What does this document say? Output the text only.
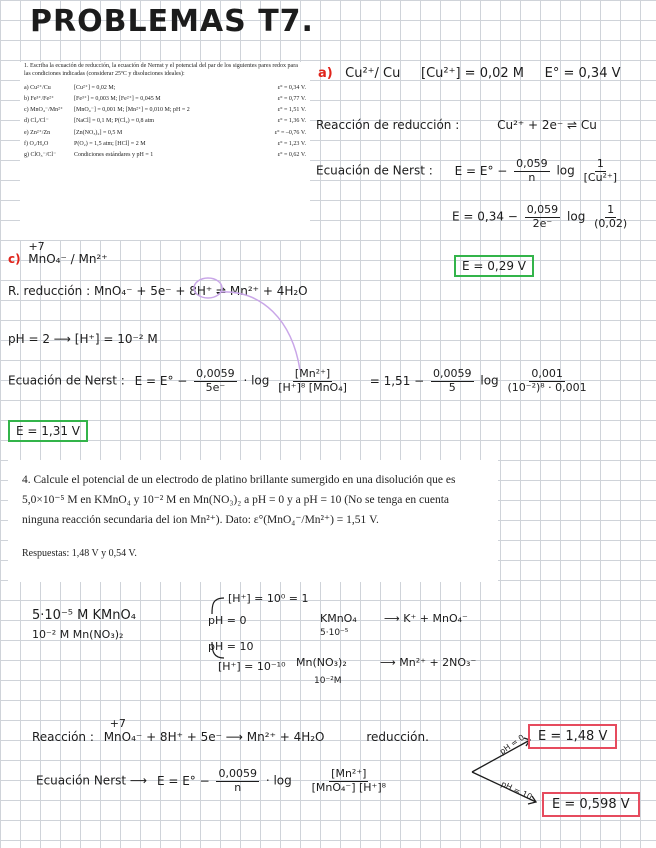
PROBLEMAS T7.
1. Escriba la ecuación de reducción, la ecuación de Nernst y el potencial del par de los siguientes pares redox para las condiciones indicadas (considerar 25ºC y disoluciones ideales):
a) Cu²⁺/Cu	[Cu²⁺] = 0,02 M;	ε° = 0,34 V.
b) Fe³⁺/Fe²⁺	[Fe³⁺] = 0,003 M; [Fe²⁺] = 0,045 M	ε° = 0,77 V.
c) MnO₄⁻/Mn²⁺	[MnO₄⁻] = 0,001 M; [Mn²⁺] = 0,010 M; pH = 2	ε° = 1,51 V.
d) Cl₂/Cl⁻	[NaCl] = 0,1 M; P(Cl₂) = 0,8 atm	ε° = 1,36 V.
e) Zn²⁺/Zn	[Zn(NO₃)₂] = 0,5 M	ε° = –0,76 V.
f) O₂/H₂O	P(O₂) = 1,5 atm; [HCl] = 2 M	ε° = 1,23 V.
g) ClO₃⁻/Cl⁻	Condiciones estándares y pH = 1	ε° = 0,62 V.
a)   Cu²⁺/ Cu     [Cu²⁺] = 0,02 M     E° = 0,34 V
Reacción de reducción :	Cu²⁺ + 2e⁻ ⇌ Cu
Ecuación de Nerst : $E = E^\circ - \frac{0,059}{n}$ $\log \frac{1}{\text{[Cu²⁺]}}$
$E = 0,34 - \frac{0,059}{2e^-}$ $\log \frac{1}{(0,02)}$
E = 0,29 V
c)
+7
MnO₄⁻ / Mn²⁺
R. reducción : MnO₄⁻ + 5e⁻ + 8H⁺ ⇌ Mn²⁺ + 4H₂O
pH = 2 ⟶ [H⁺] = 10⁻² M
Ecuación de Nerst : $E = E^\circ - \frac{0,0059}{5e^-} \cdot \log \frac{\text{[Mn²⁺]}}{\text{[H⁺]⁸ [MnO₄]}} = 1,51 - \frac{0,0059}{5}$ $\log \frac{0,001}{\text{(10⁻²)⁸ · 0,001}}$
E = 1,31 V
4. Calcule el potencial de un electrodo de platino brillante sumergido en una disolución que es 5,0×10⁻⁵ M en KMnO₄ y 10⁻² M en Mn(NO₃)₂ a pH = 0 y a pH = 10 (No se tenga en cuenta ninguna reacción secundaria del ion Mn²⁺). Dato: ε°(MnO₄⁻/Mn²⁺) = 1,51 V.
Respuestas: 1,48 V y 0,54 V.
5·10⁻⁵ M KMnO₄
10⁻² M Mn(NO₃)₂
[H⁺] = 10⁰ = 1
pH = 0
pH = 10
[H⁺] = 10⁻¹⁰
KMnO₄
5·10⁻⁵
⟶ K⁺ + MnO₄⁻
Mn(NO₃)₂
10⁻²M
⟶ Mn²⁺ + 2NO₃⁻
Reacción :
+7
MnO₄⁻ + 8H⁺ + 5e⁻ ⟶ Mn²⁺ + 4H₂O	reducción.
Ecuación Nerst ⟶ $E = E^\circ - \frac{0,0059}{n} \cdot \log \frac{\text{[Mn²⁺]}}{\text{[MnO₄⁻] [H⁺]⁸}}$
pH = 0
pH = 10
E = 1,48 V
E = 0,598 V
